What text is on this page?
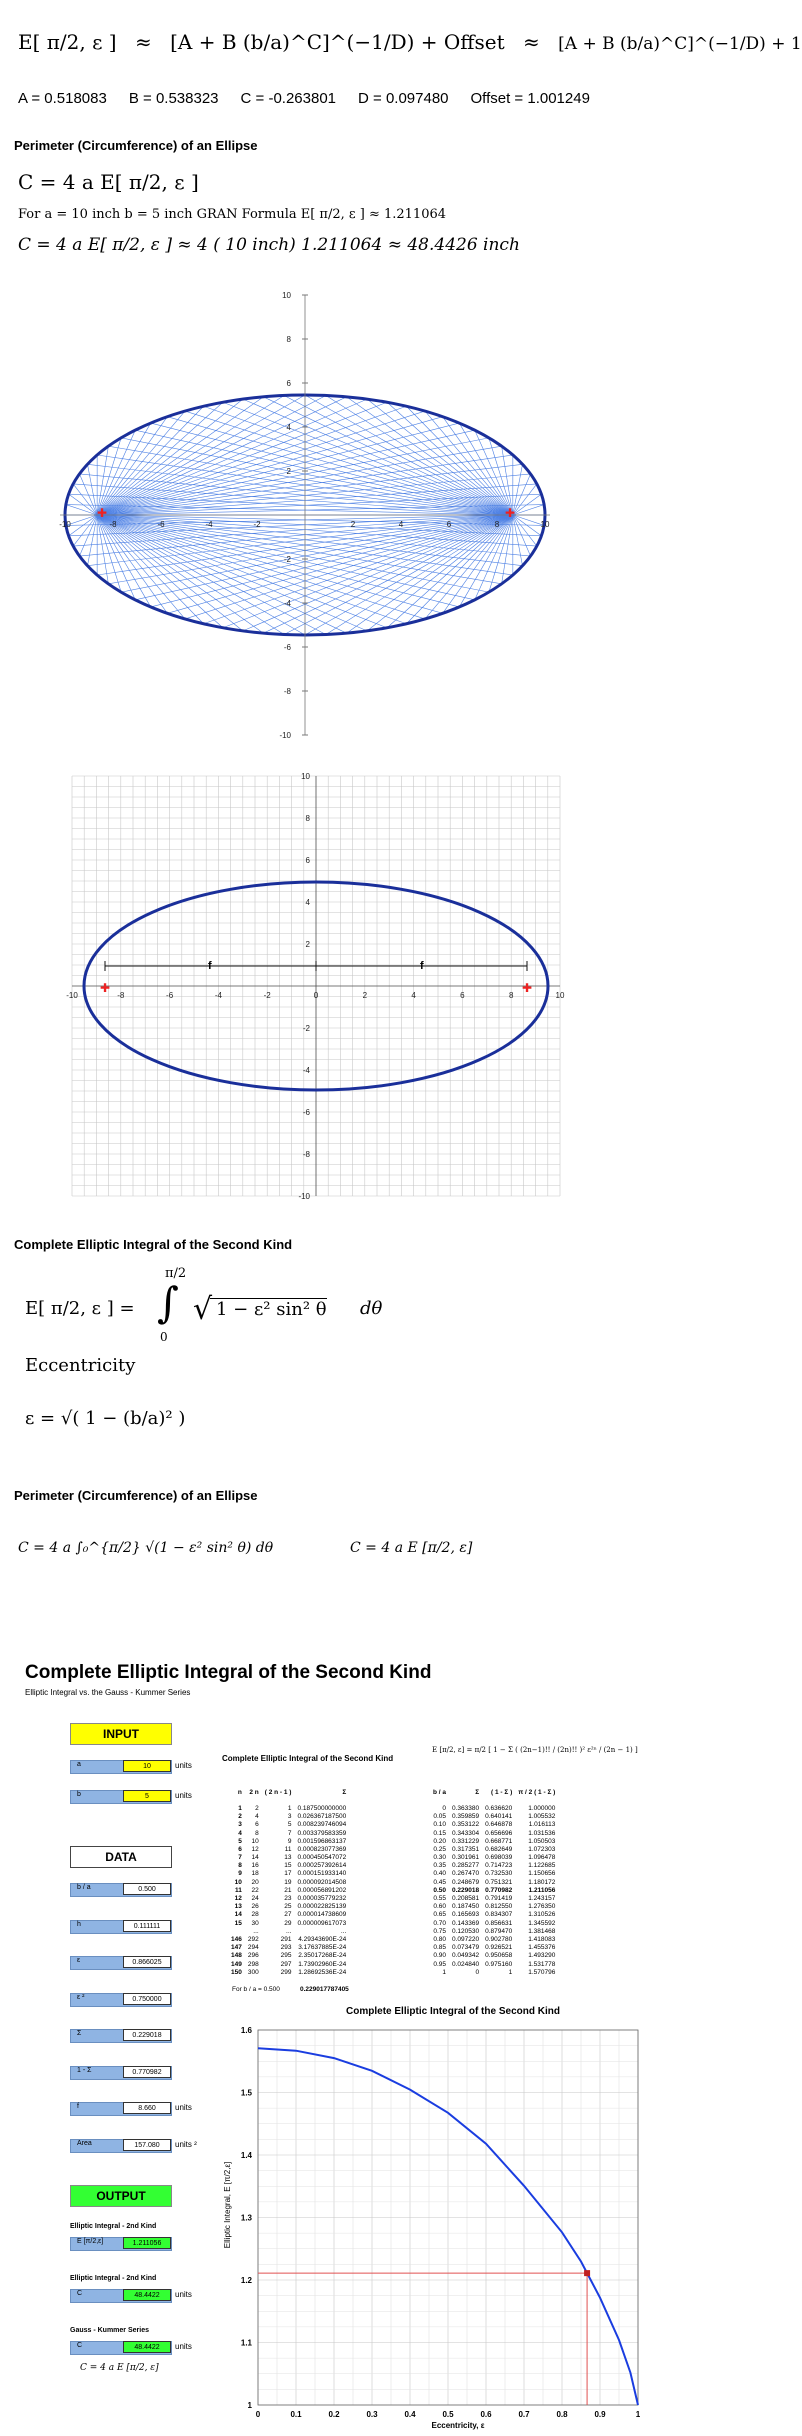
E[ π/2, ε ] ≈ [A + B (b/a)^C]^(−1/D) + Offset ≈ [A + B (b/a)^C]^(−1/D) + 1
A = 0.518083 B = 0.538323 C = -0.263801 D = 0.097480 Offset = 1.001249
Perimeter (Circumference) of an Ellipse
C = 4 a E[ π/2, ε ]
For a = 10 inch b = 5 inch GRAN Formula E[ π/2, ε ] ≈ 1.211064
C = 4 a E[ π/2, ε ] ≈ 4 ( 10 inch) 1.211064 ≈ 48.4426 inch
10
8
6
4
2
-2
-4
-6
-8
-10
-10	-8	-6	-4	-2	2	4	6	8	10
✚	✚
f	f
✚	✚
10
8
6
4
2
-2
-4
-6
-8
-10
-10	-8	-6	-4	-2	0	2	4	6	8	10
Complete Elliptic Integral of the Second Kind
E[ π/2, ε ] =
π/2
∫
0
√ 1 − ε² sin² θ dθ
Eccentricity
ε = √( 1 − (b/a)² )
Perimeter (Circumference) of an Ellipse
C = 4 a ∫₀^{π/2} √(1 − ε² sin² θ) dθ	C = 4 a E [π/2, ε]
Complete Elliptic Integral of the Second Kind
Elliptic Integral vs. the Gauss - Kummer Series
INPUT
DATA
OUTPUT
C = 4 a E [π/2, ε]
Complete Elliptic Integral of the Second Kind
E [π/2, ε] = π/2 [ 1 − Σ ( (2n−1)!! / (2n)!! )² ε²ⁿ / (2n − 1) ]
n	2 n	( 2 n - 1 )	Σ

1	2	1	0.187500000000
2	4	3	0.026367187500
3	6	5	0.008239746094
4	8	7	0.003379583359
5	10	9	0.001596863137
6	12	11	0.000823077369
7	14	13	0.000450547072
8	16	15	0.000257392614
9	18	17	0.000151933140
10	20	19	0.000092014508
11	22	21	0.000056891202
12	24	23	0.000035779232
13	26	25	0.000022825139
14	28	27	0.000014738609
15	30	29	0.000009617073
	...	...	...
146	292	291	4.29343690E-24
147	294	293	3.17637885E-24
148	296	295	2.35017268E-24
149	298	297	1.73902960E-24
150	300	299	1.28692536E-24
b / a	Σ	( 1 - Σ )	π / 2 ( 1 - Σ )

0	0.363380	0.636620	1.000000
0.05	0.359859	0.640141	1.005532
0.10	0.353122	0.646878	1.016113
0.15	0.343304	0.656696	1.031536
0.20	0.331229	0.668771	1.050503
0.25	0.317351	0.682649	1.072303
0.30	0.301961	0.698039	1.096478
0.35	0.285277	0.714723	1.122685
0.40	0.267470	0.732530	1.150656
0.45	0.248679	0.751321	1.180172
0.50	0.229018	0.770982	1.211056
0.55	0.208581	0.791419	1.243157
0.60	0.187450	0.812550	1.276350
0.65	0.165693	0.834307	1.310526
0.70	0.143369	0.856631	1.345592
0.75	0.120530	0.879470	1.381468
0.80	0.097220	0.902780	1.418083
0.85	0.073479	0.926521	1.455376
0.90	0.049342	0.950658	1.493290
0.95	0.024840	0.975160	1.531778
1	0	1	1.570796
For b / a = 0.500	0.229017787405
Complete Elliptic Integral of the Second Kind
0	0.1	0.2	0.3	0.4	0.5	0.6	0.7	0.8	0.9	1
1
1.1
1.2
1.3
1.4
1.5
1.6
Eccentricity, ε
Elliptic Integral, E [π/2,ε]
a	10	units
b	5	units
b / a	0.500
h	0.111111
ε	0.866025
ε ²	0.750000
Σ	0.229018
1 - Σ	0.770982
f	8.660	units
Area	157.080	units ²
Elliptic Integral - 2nd Kind
E [π/2,ε]	1.211056
Elliptic Integral - 2nd Kind
C	48.4422	units
Gauss - Kummer Series
C	48.4422	units
